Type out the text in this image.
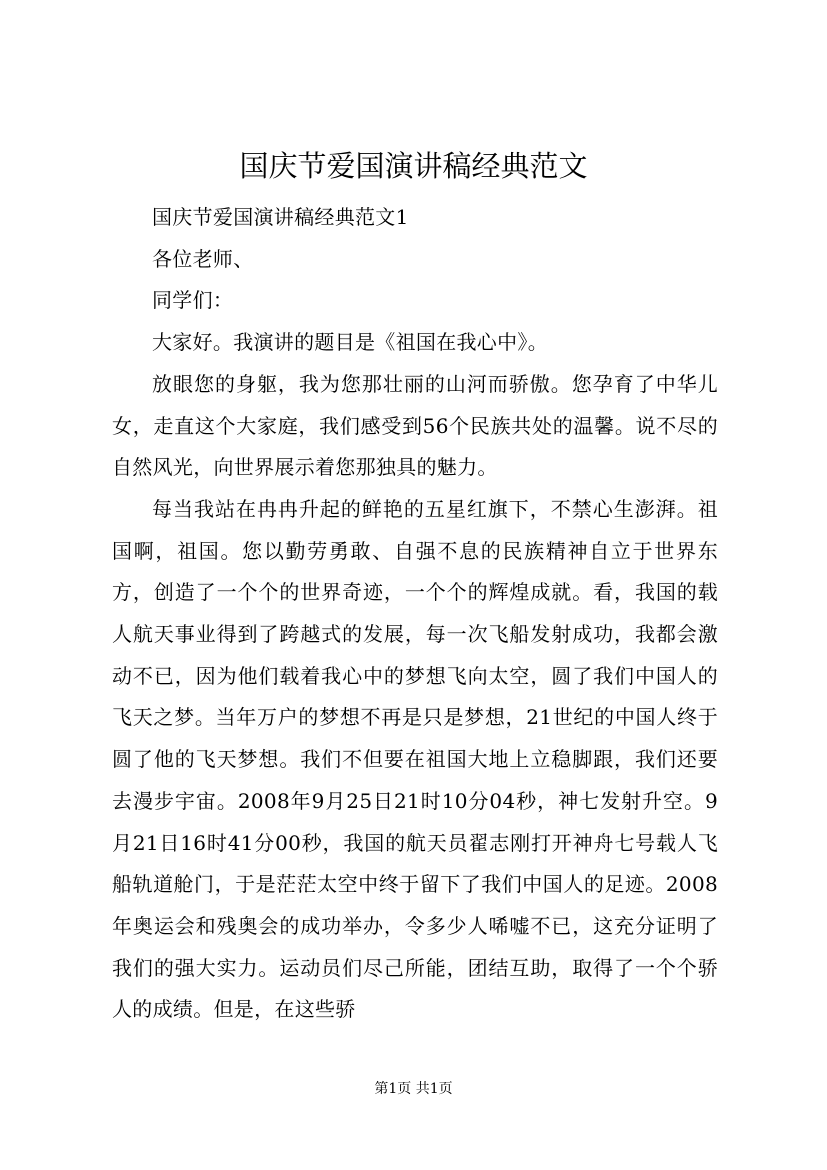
国庆节爱国演讲稿经典范文

国庆节爱国演讲稿经典范文1

各位老师、

同学们：

大家好。我演讲的题目是《祖国在我心中》。

放眼您的身躯，我为您那壮丽的山河而骄傲。您孕育了中华儿女，走直这个大家庭，我们感受到56个民族共处的温馨。说不尽的自然风光，向世界展示着您那独具的魅力。

每当我站在冉冉升起的鲜艳的五星红旗下，不禁心生澎湃。祖国啊，祖国。您以勤劳勇敢、自强不息的民族精神自立于世界东方，创造了一个个的世界奇迹，一个个的辉煌成就。看，我国的载人航天事业得到了跨越式的发展，每一次飞船发射成功，我都会激动不已，因为他们载着我心中的梦想飞向太空，圆了我们中国人的飞天之梦。当年万户的梦想不再是只是梦想，21世纪的中国人终于圆了他的飞天梦想。我们不但要在祖国大地上立稳脚跟，我们还要去漫步宇宙。2008年9月25日21时10分04秒，神七发射升空。9月21日16时41分00秒，我国的航天员翟志刚打开神舟七号载人飞船轨道舱门，于是茫茫太空中终于留下了我们中国人的足迹。2008年奥运会和残奥会的成功举办，令多少人唏嘘不已，这充分证明了我们的强大实力。运动员们尽己所能，团结互助，取得了一个个骄人的成绩。但是，在这些骄

第1页 共1页
